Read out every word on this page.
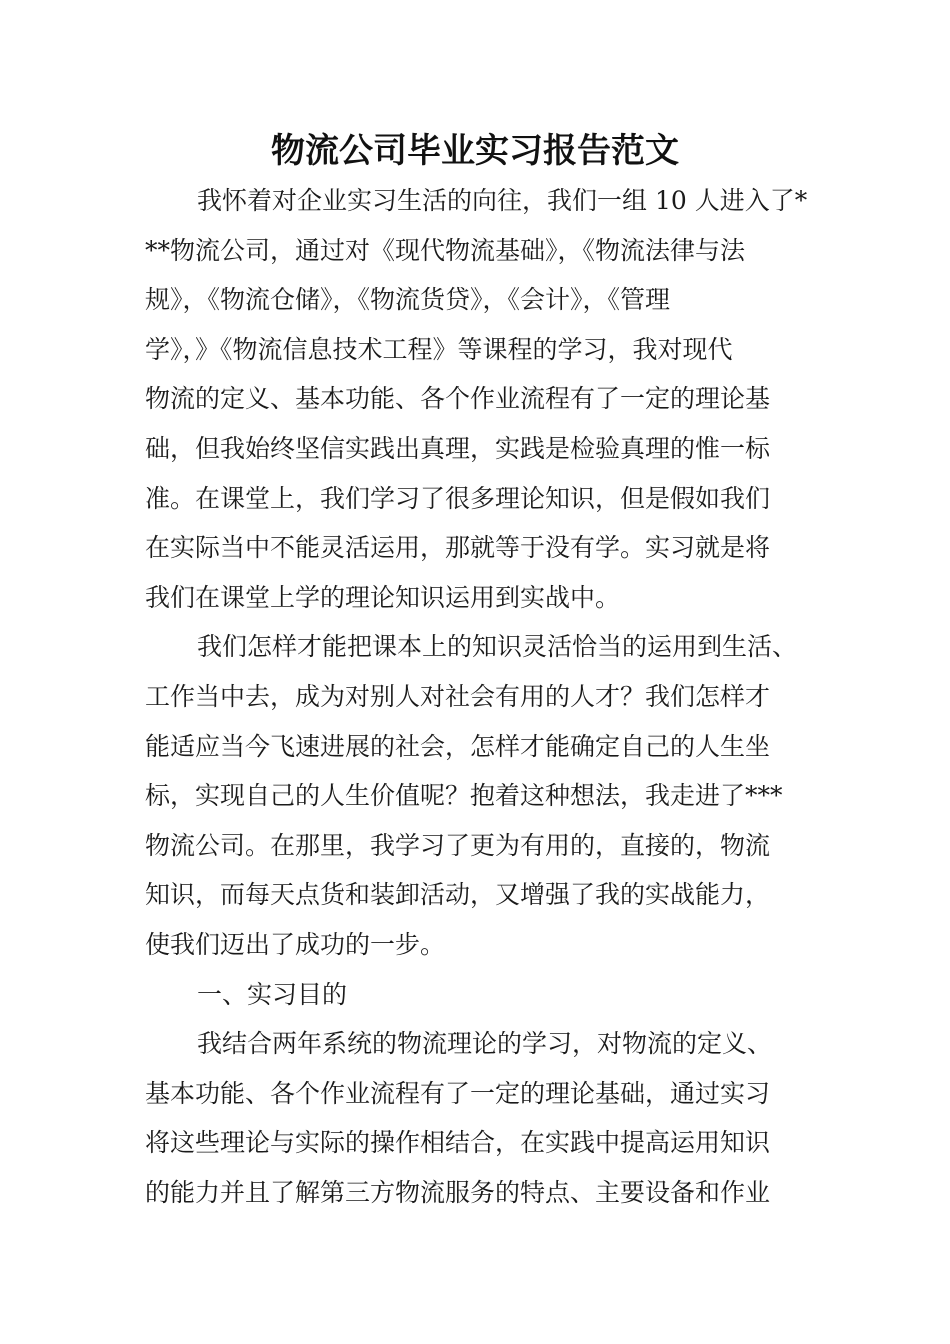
物流公司毕业实习报告范文

我怀着对企业实习生活的向往，我们一组 10 人进入了*
**物流公司，通过对《现代物流基础》，《物流法律与法
规》，《物流仓储》，《物流货贷》，《会计》，《管理
学》，》《物流信息技术工程》等课程的学习，我对现代
物流的定义、基本功能、各个作业流程有了一定的理论基
础，但我始终坚信实践出真理，实践是检验真理的惟一标
准。在课堂上，我们学习了很多理论知识，但是假如我们
在实际当中不能灵活运用，那就等于没有学。实习就是将
我们在课堂上学的理论知识运用到实战中。

我们怎样才能把课本上的知识灵活恰当的运用到生活、
工作当中去，成为对别人对社会有用的人才？我们怎样才
能适应当今飞速进展的社会，怎样才能确定自己的人生坐
标，实现自己的人生价值呢？抱着这种想法，我走进了***
物流公司。在那里，我学习了更为有用的，直接的，物流
知识，而每天点货和装卸活动，又增强了我的实战能力，
使我们迈出了成功的一步。

一、实习目的

我结合两年系统的物流理论的学习，对物流的定义、
基本功能、各个作业流程有了一定的理论基础，通过实习
将这些理论与实际的操作相结合，在实践中提高运用知识
的能力并且了解第三方物流服务的特点、主要设备和作业
